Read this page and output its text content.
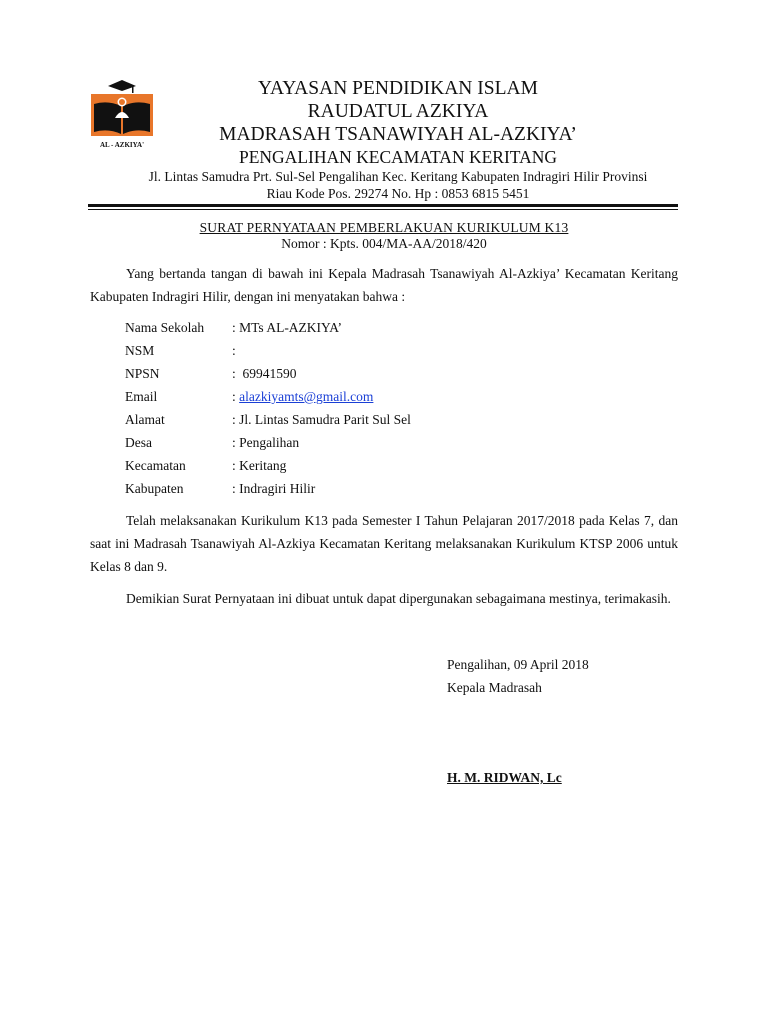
AL - AZKIYA'
YAYASAN PENDIDIKAN ISLAM
RAUDATUL AZKIYA
MADRASAH TSANAWIYAH AL-AZKIYA’
PENGALIHAN KECAMATAN KERITANG
Jl. Lintas Samudra Prt. Sul-Sel Pengalihan Kec. Keritang Kabupaten Indragiri Hilir Provinsi
Riau Kode Pos. 29274 No. Hp : 0853 6815 5451
SURAT PERNYATAAN PEMBERLAKUAN KURIKULUM K13
Nomor : Kpts. 004/MA-AA/2018/420
Yang bertanda tangan di bawah ini Kepala Madrasah Tsanawiyah Al-Azkiya’ Kecamatan Keritang Kabupaten Indragiri Hilir, dengan ini menyatakan bahwa :
Nama Sekolah : MTs AL-AZKIYA’
NSM	:
NPSN	:  69941590
Email	: alazkiyamts@gmail.com
Alamat	: Jl. Lintas Samudra Parit Sul Sel
Desa	: Pengalihan
Kecamatan	: Keritang
Kabupaten	: Indragiri Hilir
Telah melaksanakan Kurikulum K13 pada Semester I Tahun Pelajaran 2017/2018 pada Kelas 7, dan saat ini Madrasah Tsanawiyah Al-Azkiya Kecamatan Keritang melaksanakan Kurikulum KTSP 2006 untuk Kelas 8 dan 9.
Demikian Surat Pernyataan ini dibuat untuk dapat dipergunakan sebagaimana mestinya, terimakasih.
Pengalihan, 09 April 2018
Kepala Madrasah
H. M. RIDWAN, Lc
